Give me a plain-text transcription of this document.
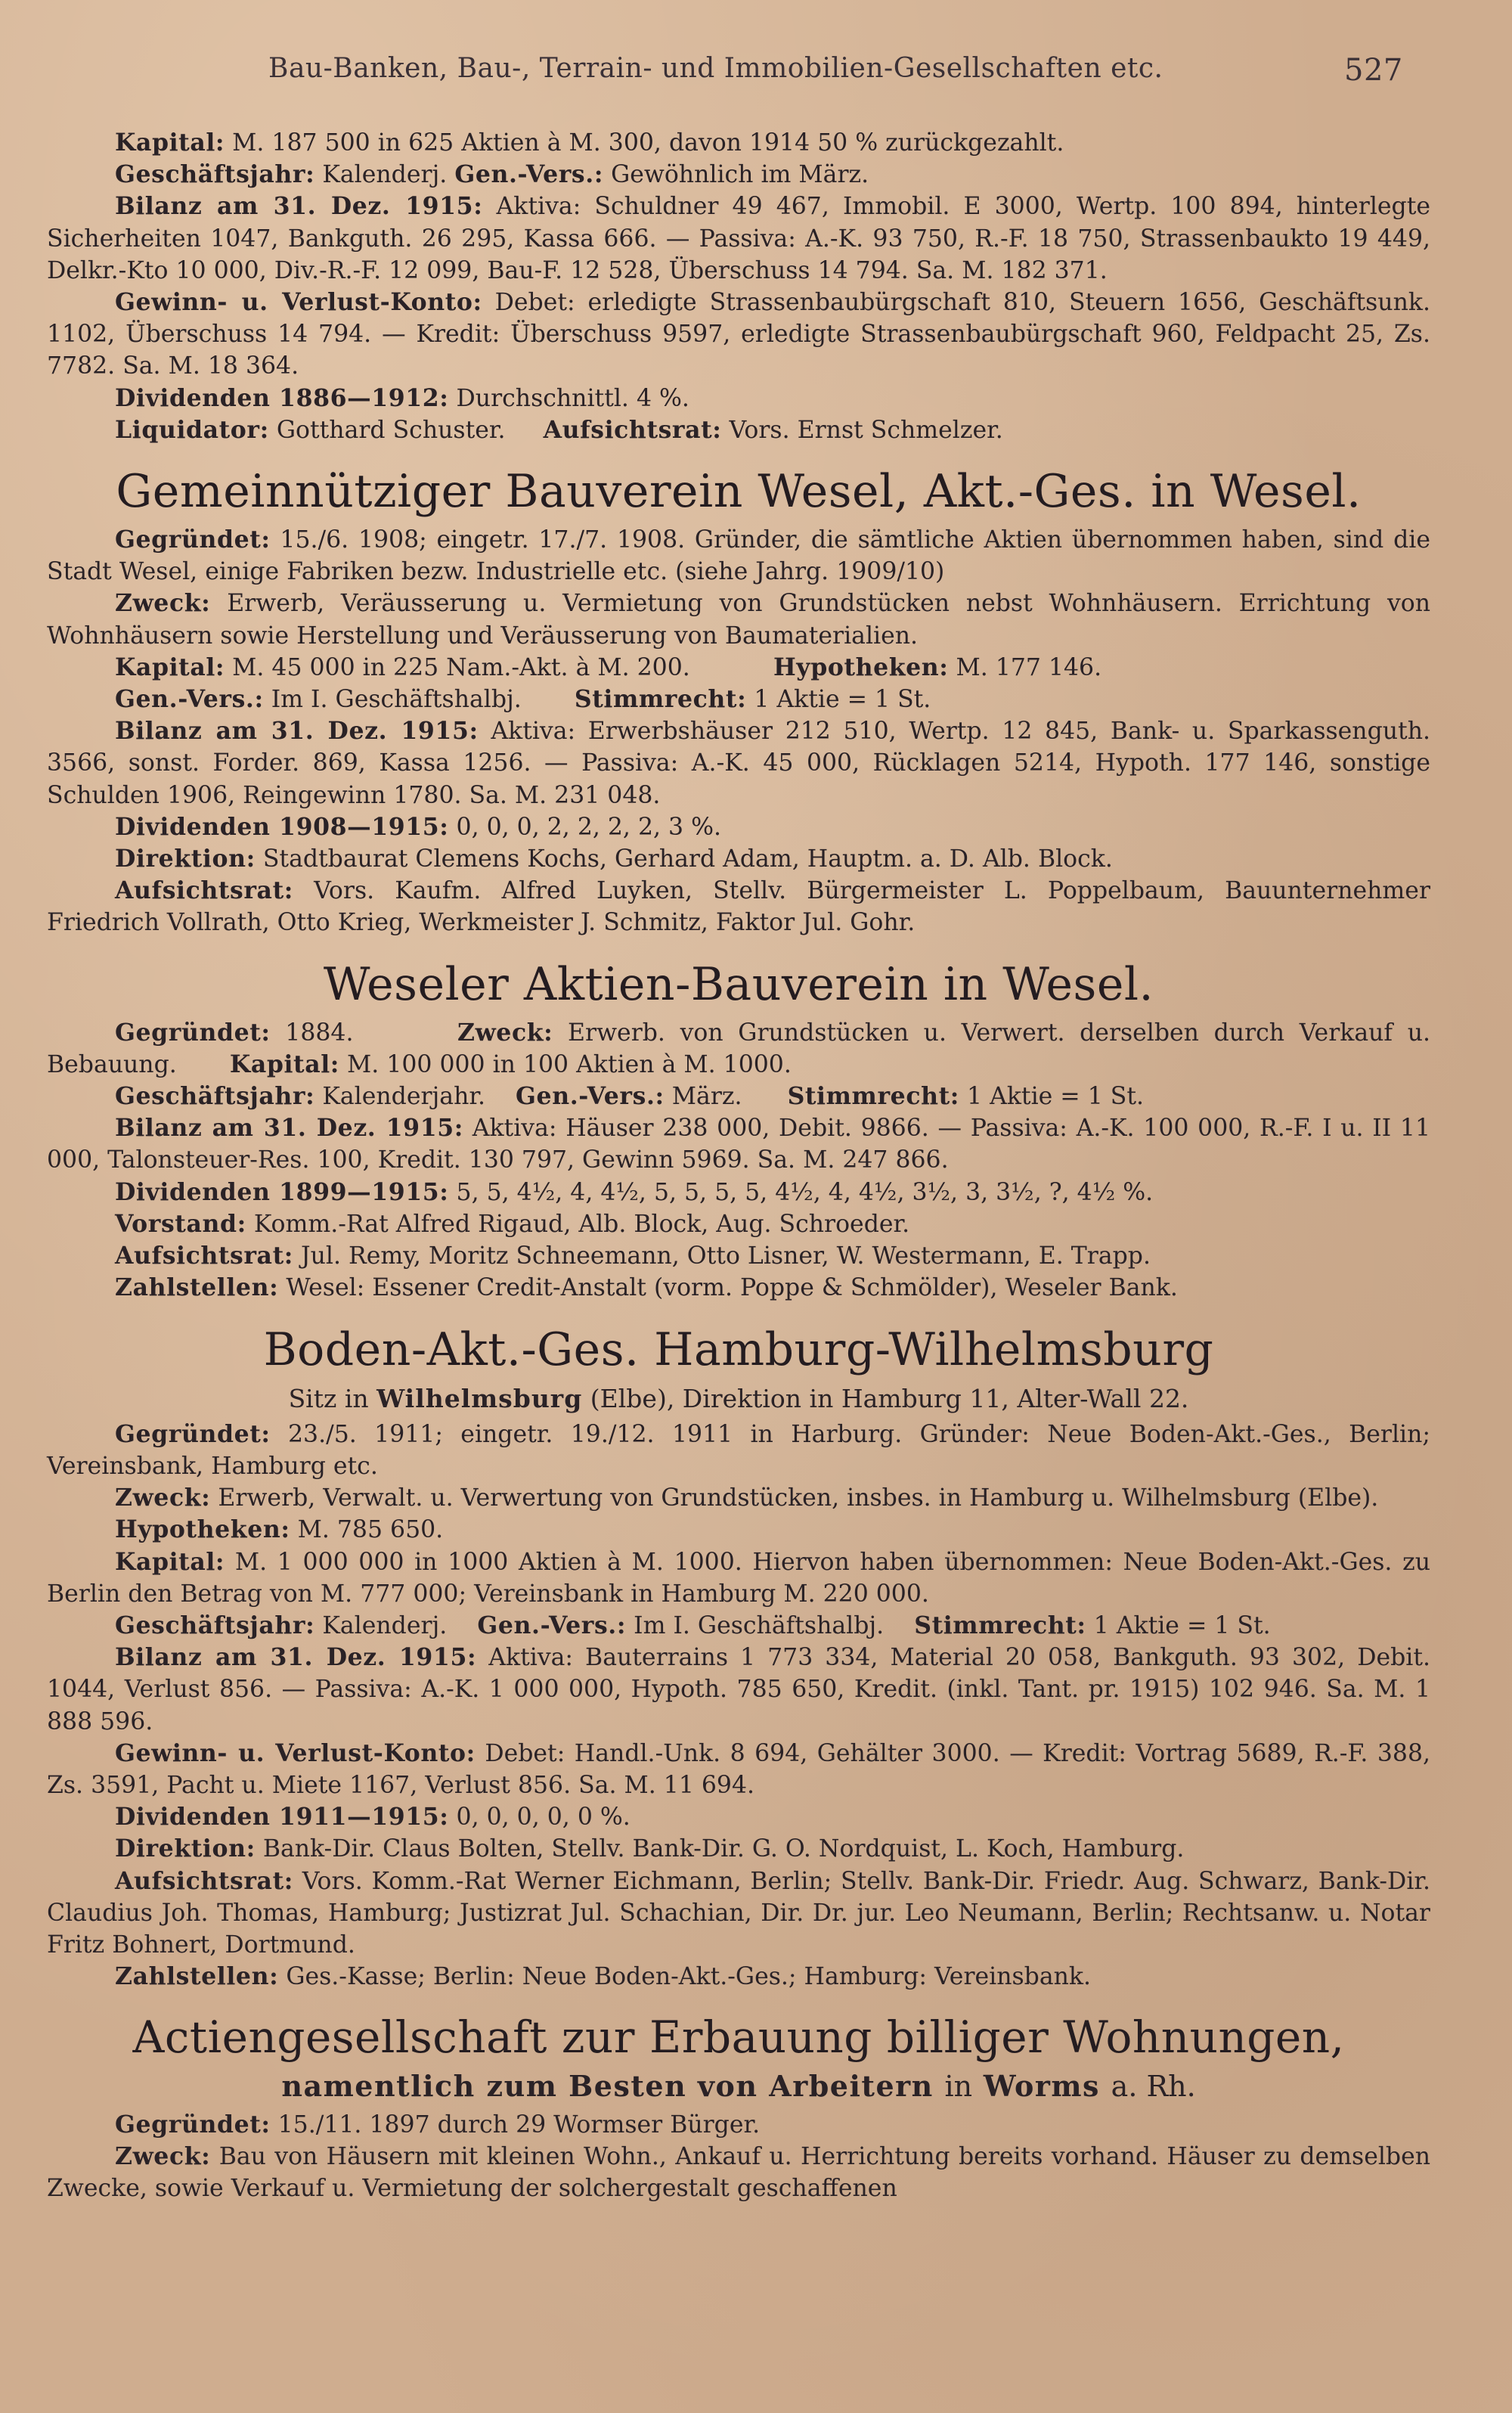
Bau-Banken, Bau-, Terrain- und Immobilien-Gesellschaften etc.	527

Kapital: M. 187 500 in 625 Aktien à M. 300, davon 1914 50 % zurückgezahlt.

Geschäftsjahr: Kalenderj. Gen.-Vers.: Gewöhnlich im März.

Bilanz am 31. Dez. 1915: Aktiva: Schuldner 49 467, Immobil. E 3000, Wertp. 100 894, hinterlegte Sicherheiten 1047, Bankguth. 26 295, Kassa 666. — Passiva: A.-K. 93 750, R.-F. 18 750, Strassenbaukto 19 449, Delkr.-Kto 10 000, Div.-R.-F. 12 099, Bau-F. 12 528, Überschuss 14 794. Sa. M. 182 371.

Gewinn- u. Verlust-Konto: Debet: erledigte Strassenbaubürgschaft 810, Steuern 1656, Geschäftsunk. 1102, Überschuss 14 794. — Kredit: Überschuss 9597, erledigte Strassenbaubürgschaft 960, Feldpacht 25, Zs. 7782. Sa. M. 18 364.

Dividenden 1886—1912: Durchschnittl. 4 %.

Liquidator: Gotthard Schuster. Aufsichtsrat: Vors. Ernst Schmelzer.

Gemeinnütziger Bauverein Wesel, Akt.-Ges. in Wesel.

Gegründet: 15./6. 1908; eingetr. 17./7. 1908. Gründer, die sämtliche Aktien übernommen haben, sind die Stadt Wesel, einige Fabriken bezw. Industrielle etc. (siehe Jahrg. 1909/10)

Zweck: Erwerb, Veräusserung u. Vermietung von Grundstücken nebst Wohnhäusern. Errichtung von Wohnhäusern sowie Herstellung und Veräusserung von Baumaterialien.

Kapital: M. 45 000 in 225 Nam.-Akt. à M. 200.	Hypotheken: M. 177 146.

Gen.-Vers.: Im I. Geschäftshalbj. Stimmrecht: 1 Aktie = 1 St.

Bilanz am 31. Dez. 1915: Aktiva: Erwerbshäuser 212 510, Wertp. 12 845, Bank- u. Sparkassenguth. 3566, sonst. Forder. 869, Kassa 1256. — Passiva: A.-K. 45 000, Rücklagen 5214, Hypoth. 177 146, sonstige Schulden 1906, Reingewinn 1780. Sa. M. 231 048.

Dividenden 1908—1915: 0, 0, 0, 2, 2, 2, 2, 3 %.

Direktion: Stadtbaurat Clemens Kochs, Gerhard Adam, Hauptm. a. D. Alb. Block.

Aufsichtsrat: Vors. Kaufm. Alfred Luyken, Stellv. Bürgermeister L. Poppelbaum, Bauunternehmer Friedrich Vollrath, Otto Krieg, Werkmeister J. Schmitz, Faktor Jul. Gohr.

Weseler Aktien-Bauverein in Wesel.

Gegründet: 1884.	Zweck: Erwerb. von Grundstücken u. Verwert. derselben durch Verkauf u. Bebauung. Kapital: M. 100 000 in 100 Aktien à M. 1000.

Geschäftsjahr: Kalenderjahr. Gen.-Vers.: März. Stimmrecht: 1 Aktie = 1 St.

Bilanz am 31. Dez. 1915: Aktiva: Häuser 238 000, Debit. 9866. — Passiva: A.-K. 100 000, R.-F. I u. II 11 000, Talonsteuer-Res. 100, Kredit. 130 797, Gewinn 5969. Sa. M. 247 866.

Dividenden 1899—1915: 5, 5, 4½, 4, 4½, 5, 5, 5, 5, 4½, 4, 4½, 3½, 3, 3½, ?, 4½ %.

Vorstand: Komm.-Rat Alfred Rigaud, Alb. Block, Aug. Schroeder.

Aufsichtsrat: Jul. Remy, Moritz Schneemann, Otto Lisner, W. Westermann, E. Trapp.

Zahlstellen: Wesel: Essener Credit-Anstalt (vorm. Poppe & Schmölder), Weseler Bank.

Boden-Akt.-Ges. Hamburg-Wilhelmsburg

Sitz in Wilhelmsburg (Elbe), Direktion in Hamburg 11, Alter-Wall 22.

Gegründet: 23./5. 1911; eingetr. 19./12. 1911 in Harburg. Gründer: Neue Boden-Akt.-Ges., Berlin; Vereinsbank, Hamburg etc.

Zweck: Erwerb, Verwalt. u. Verwertung von Grundstücken, insbes. in Hamburg u. Wilhelmsburg (Elbe).

Hypotheken: M. 785 650.

Kapital: M. 1 000 000 in 1000 Aktien à M. 1000. Hiervon haben übernommen: Neue Boden-Akt.-Ges. zu Berlin den Betrag von M. 777 000; Vereinsbank in Hamburg M. 220 000.

Geschäftsjahr: Kalenderj. Gen.-Vers.: Im I. Geschäftshalbj. Stimmrecht: 1 Aktie = 1 St.

Bilanz am 31. Dez. 1915: Aktiva: Bauterrains 1 773 334, Material 20 058, Bankguth. 93 302, Debit. 1044, Verlust 856. — Passiva: A.-K. 1 000 000, Hypoth. 785 650, Kredit. (inkl. Tant. pr. 1915) 102 946. Sa. M. 1 888 596.

Gewinn- u. Verlust-Konto: Debet: Handl.-Unk. 8 694, Gehälter 3000. — Kredit: Vortrag 5689, R.-F. 388, Zs. 3591, Pacht u. Miete 1167, Verlust 856. Sa. M. 11 694.

Dividenden 1911—1915: 0, 0, 0, 0, 0 %.

Direktion: Bank-Dir. Claus Bolten, Stellv. Bank-Dir. G. O. Nordquist, L. Koch, Hamburg.

Aufsichtsrat: Vors. Komm.-Rat Werner Eichmann, Berlin; Stellv. Bank-Dir. Friedr. Aug. Schwarz, Bank-Dir. Claudius Joh. Thomas, Hamburg; Justizrat Jul. Schachian, Dir. Dr. jur. Leo Neumann, Berlin; Rechtsanw. u. Notar Fritz Bohnert, Dortmund.

Zahlstellen: Ges.-Kasse; Berlin: Neue Boden-Akt.-Ges.; Hamburg: Vereinsbank.

Actiengesellschaft zur Erbauung billiger Wohnungen,

namentlich zum Besten von Arbeitern in Worms a. Rh.

Gegründet: 15./11. 1897 durch 29 Wormser Bürger.

Zweck: Bau von Häusern mit kleinen Wohn., Ankauf u. Herrichtung bereits vorhand. Häuser zu demselben Zwecke, sowie Verkauf u. Vermietung der solchergestalt geschaffenen
